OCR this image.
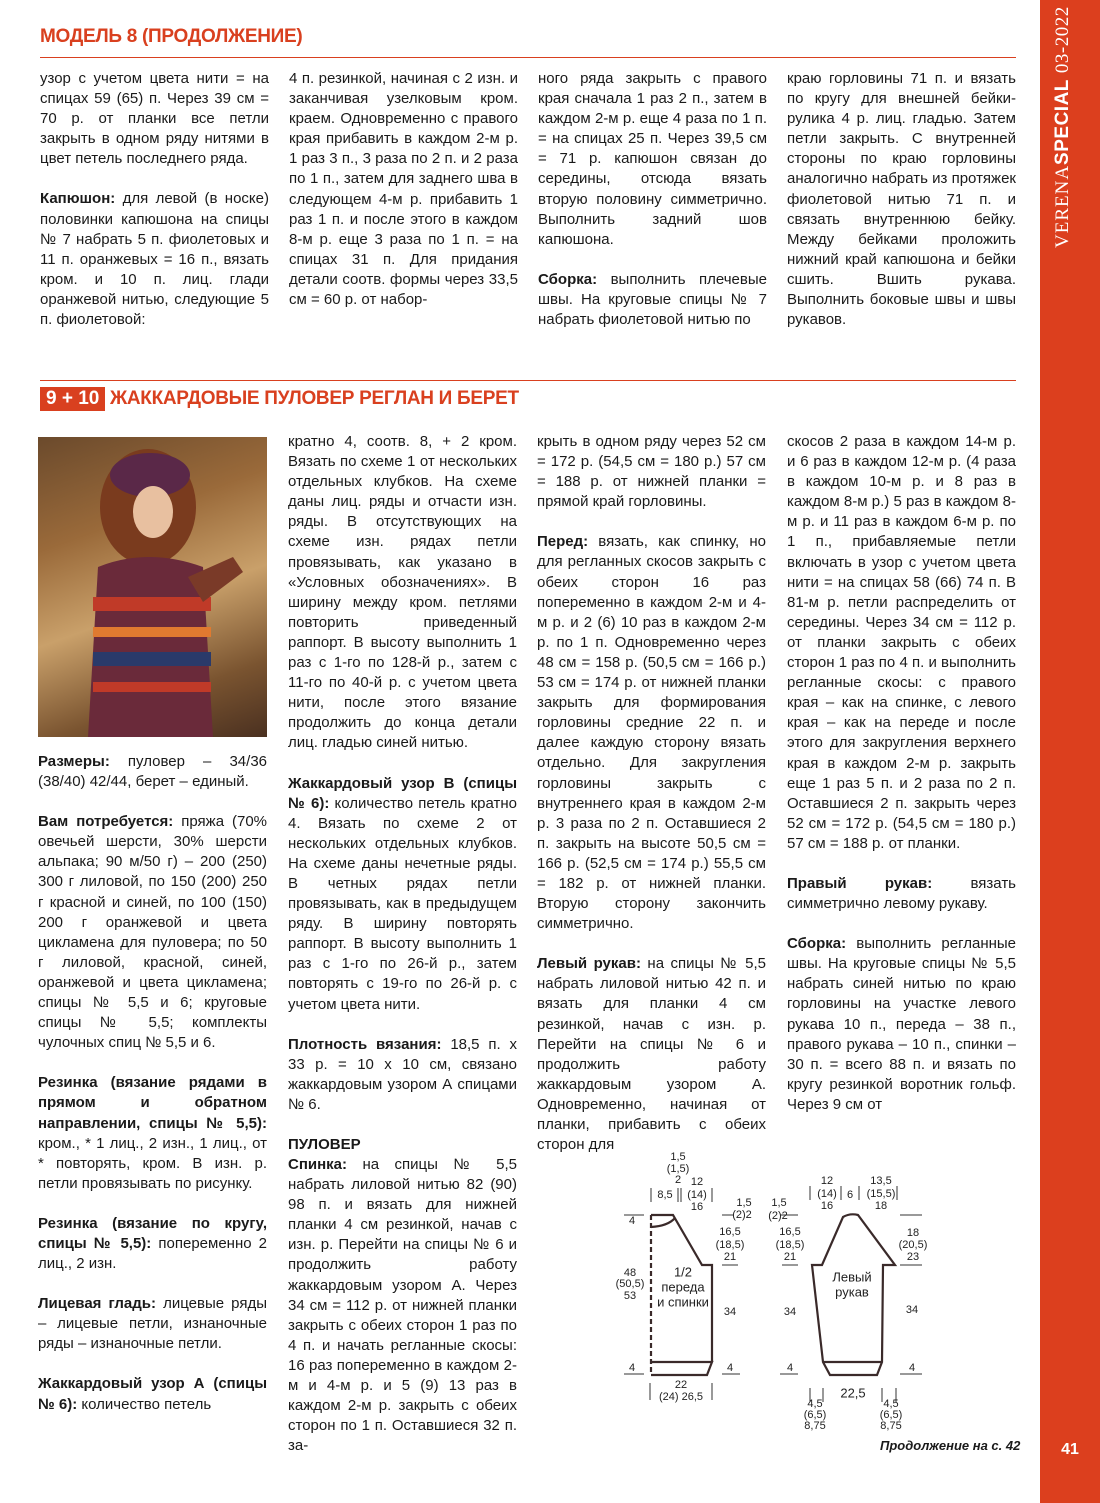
VERENASPECIAL03-2022
41
МОДЕЛЬ 8 (ПРОДОЛЖЕНИЕ)

узор с учетом цвета нити = на спицах 59 (65) п. Через 39 см = 70 р. от планки все петли закрыть в одном ряду нитями в цвет петель последнего ряда.

Капюшон: для левой (в носке) половинки капюшона на спицы № 7 набрать 5 п. фиолетовых и 11 п. оранжевых = 16 п., вязать кром. и 10 п. лиц. глади оранжевой нитью, следующие 5 п. фиолетовой:

4 п. резинкой, начиная с 2 изн. и заканчивая узелковым кром. краем. Одновременно с правого края прибавить в каждом 2-м р. 1 раз 3 п., 3 раза по 2 п. и 2 раза по 1 п., затем для заднего шва в следующем 4-м р. прибавить 1 раз 1 п. и после этого в каждом 8-м р. еще 3 раза по 1 п. = на спицах 31 п. Для придания детали соотв. формы через 33,5 см = 60 р. от набор-

ного ряда закрыть с правого края сначала 1 раз 2 п., затем в каждом 2-м р. еще 4 раза по 1 п. = на спицах 25 п. Через 39,5 см = 71 р. капюшон связан до середины, отсюда вязать вторую половину симметрично. Выполнить задний шов капюшона.

Сборка: выполнить плечевые швы. На круговые спицы № 7 набрать фиолетовой нитью по

краю горловины 71 п. и вязать по кругу для внешней бейки-рулика 4 р. лиц. гладью. Затем петли закрыть. С внутренней стороны по краю горловины аналогично набрать из протяжек фиолетовой нитью 71 п. и связать внутреннюю бейку. Между бейками проложить нижний край капюшона и бейки сшить. Вшить рукава. Выполнить боковые швы и швы рукавов.

9 + 10 ЖАККАРДОВЫЕ ПУЛОВЕР РЕГЛАН И БЕРЕТ

Размеры: пуловер – 34/36 (38/40) 42/44, берет – единый.

Вам потребуется: пряжа (70% овечьей шерсти, 30% шерсти альпака; 90 м/50 г) – 200 (250) 300 г лиловой, по 150 (200) 250 г красной и синей, по 100 (150) 200 г оранжевой и цвета цикламена для пуловера; по 50 г лиловой, красной, синей, оранжевой и цвета цикламена; спицы № 5,5 и 6; круговые спицы № 5,5; комплекты чулочных спиц № 5,5 и 6.

Резинка (вязание рядами в прямом и обратном направлении, спицы № 5,5): кром., * 1 лиц., 2 изн., 1 лиц., от * повторять, кром. В изн. р. петли провязывать по рисунку.

Резинка (вязание по кругу, спицы № 5,5): попеременно 2 лиц., 2 изн.

Лицевая гладь: лицевые ряды – лицевые петли, изнаночные ряды – изнаночные петли.

Жаккардовый узор А (спицы № 6): количество петель

кратно 4, соотв. 8, + 2 кром. Вязать по схеме 1 от нескольких отдельных клубков. На схеме даны лиц. ряды и отчасти изн. ряды. В отсутствующих на схеме изн. рядах петли провязывать, как указано в «Условных обозначениях». В ширину между кром. петлями повторить приведенный раппорт. В высоту выполнить 1 раз с 1-го по 128-й р., затем с 11-го по 40-й р. с учетом цвета нити, после этого вязание продолжить до конца детали лиц. гладью синей нитью.

Жаккардовый узор В (спицы № 6): количество петель кратно 4. Вязать по схеме 2 от нескольких отдельных клубков. На схеме даны нечетные ряды. В четных рядах петли провязывать, как в предыдущем ряду. В ширину повторять раппорт. В высоту выполнить 1 раз с 1-го по 26-й р., затем повторять с 19-го по 26-й р. с учетом цвета нити.

Плотность вязания: 18,5 п. х 33 р. = 10 х 10 см, связано жаккардовым узором А спицами № 6.

ПУЛОВЕР

Спинка: на спицы № 5,5 набрать лиловой нитью 82 (90) 98 п. и вязать для нижней планки 4 см резинкой, начав с изн. р. Перейти на спицы № 6 и продолжить работу жаккардовым узором А. Через 34 см = 112 р. от нижней планки закрыть с обеих сторон 1 раз по 4 п. и начать регланные скосы: 16 раз попеременно в каждом 2-м и 4-м р. и 5 (9) 13 раз в каждом 2-м р. закрыть с обеих сторон по 1 п. Оставшиеся 32 п. за-

крыть в одном ряду через 52 см = 172 р. (54,5 см = 180 р.) 57 см = 188 р. от нижней планки = прямой край горловины.

Перед: вязать, как спинку, но для регланных скосов закрыть с обеих сторон 16 раз попеременно в каждом 2-м и 4-м р. и 2 (6) 10 раз в каждом 2-м р. по 1 п. Одновременно через 48 см = 158 р. (50,5 см = 166 р.) 53 см = 174 р. от нижней планки закрыть для формирования горловины средние 22 п. и далее каждую сторону вязать отдельно. Для закругления горловины закрыть с внутреннего края в каждом 2-м р. 3 раза по 2 п. Оставшиеся 2 п. закрыть на высоте 50,5 см = 166 р. (52,5 см = 174 р.) 55,5 см = 182 р. от нижней планки. Вторую сторону закончить симметрично.

Левый рукав: на спицы № 5,5 набрать лиловой нитью 42 п. и вязать для планки 4 см резинкой, начав с изн. р. Перейти на спицы № 6 и продолжить работу жаккардовым узором А. Одновременно, начиная от планки, прибавить с обеих сторон для

скосов 2 раза в каждом 14-м р. и 6 раз в каждом 12-м р. (4 раза в каждом 10-м р. и 8 раз в каждом 8-м р.) 5 раз в каждом 8-м р. и 11 раз в каждом 6-м р. по 1 п., прибавляемые петли включать в узор с учетом цвета нити = на спицах 58 (66) 74 п. В 81-м р. петли распределить от середины. Через 34 см = 112 р. от планки закрыть с обеих сторон 1 раз по 4 п. и выполнить регланные скосы: с правого края – как на спинке, с левого края – как на переде и после этого для закругления верхнего края в каждом 2-м р. закрыть еще 1 раз 5 п. и 2 раза по 2 п. Оставшиеся 2 п. закрыть через 52 см = 172 р. (54,5 см = 180 р.) 57 см = 188 р. от планки.

Правый рукав:	вязать симметрично левому рукаву.

Сборка: выполнить регланные швы. На круговые спицы № 5,5 набрать синей нитью по краю горловины на участке левого рукава 10 п., переда – 38 п., правого рукава – 10 п., спинки – 30 п. = всего 88 п. и вязать по кругу резинкой воротник гольф. Через 9 см от

1,5
(1,5)
2 12
8,5 (14)
16	1,5
(2)2
16,5
(18,5)
21
48
(50,5)
53
1/2
переда
и спинки
34
4
4	4
22
(24) 26,5
12
(14)
16
6
13,5
(15,5)
18
1,5
(2)2
16,5
(18,5)
21
Левый
рукав
34	34
18
(20,5)
23
4	4
22,5
4,5
(6,5)
8,75
4,5
(6,5)
8,75
Продолжение на с. 42
